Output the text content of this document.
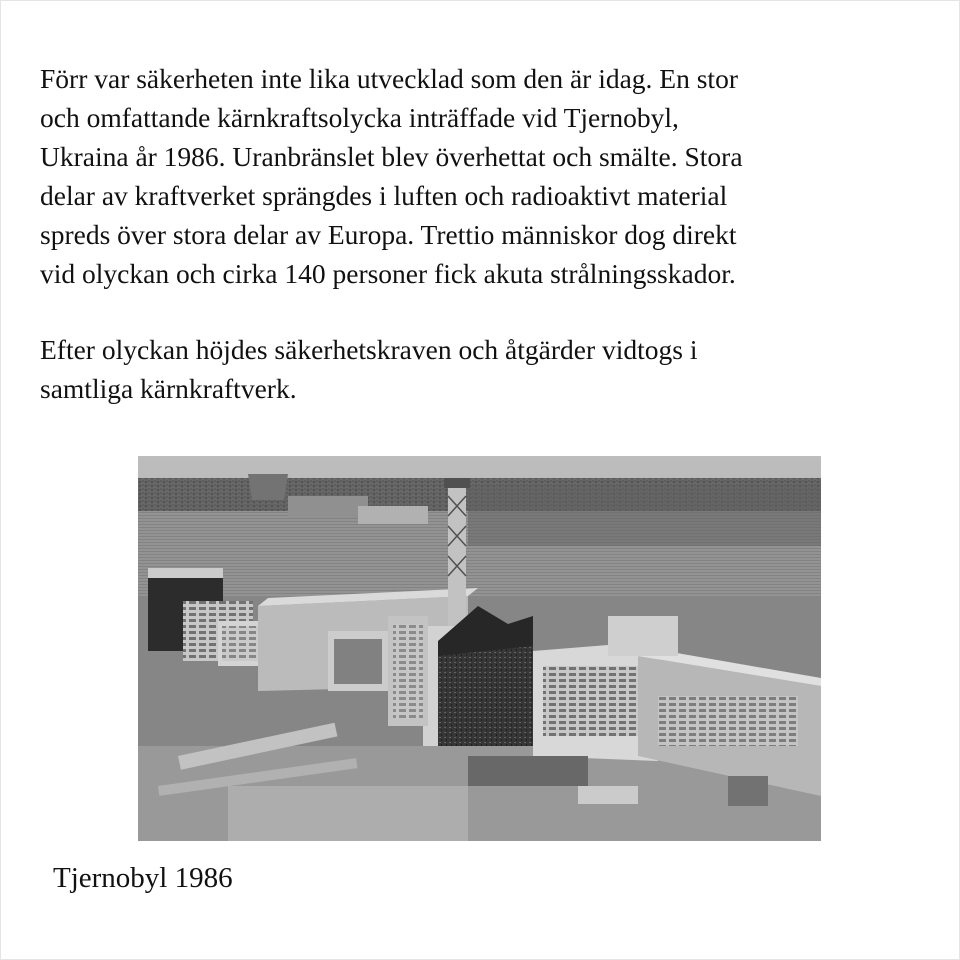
Förr var säkerheten inte lika utvecklad som den är idag. En stor
och omfattande kärnkraftsolycka inträffade vid Tjernobyl,
Ukraina år 1986. Uranbränslet blev överhettat och smälte. Stora
delar av kraftverket sprängdes i luften och radioaktivt material
spreds över stora delar av Europa. Trettio människor dog direkt
vid olyckan och cirka 140 personer fick akuta strålningsskador.

Efter olyckan höjdes säkerhetskraven och åtgärder vidtogs i
samtliga kärnkraftverk.

Tjernobyl 1986
